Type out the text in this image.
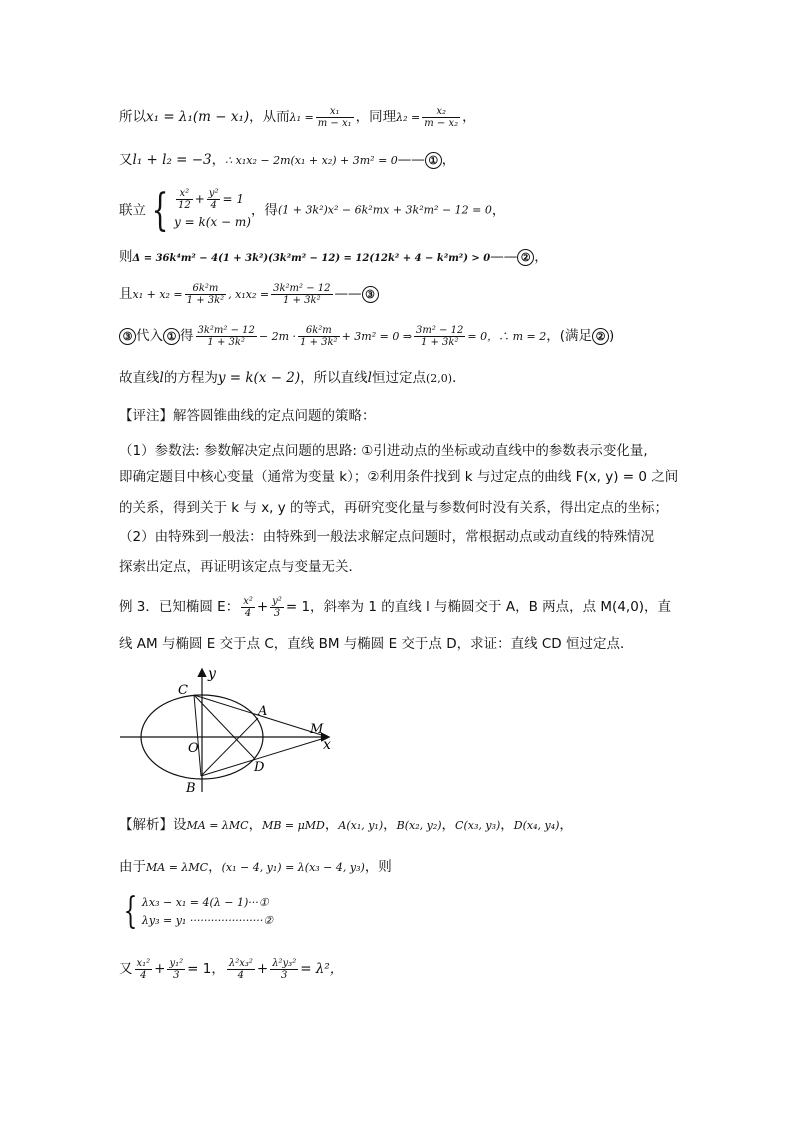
所以x₁ = λ₁(m − x₁)，从而$\lambda_1 = \frac{\text{x₁}}{\text{m − x₁}}$ ，同理$\lambda_2 = \frac{\text{x₂}}{\text{m − x₂}}$ ，
又l₁ + l₂ = −3，∴ x₁x₂ − 2m(x₁ + x₂) + 3m² = 0—— ① ，
联立 { $\frac{\text{x²}}{12} + \frac{\text{y²}}{4} = 1$
y = k(x − m)
，得(1 + 3k²)x² − 6k²mx + 3k²m² − 12 = 0，
则Δ = 36k⁴m² − 4(1 + 3k²)(3k²m² − 12) = 12(12k² + 4 − k²m²) > 0—— ② ，
且$x_1 + x_2 = \frac{\text{6k²m}}{\text{1 + 3k²}}$ , $x_1x_2 = \frac{\text{3k²m² − 12}}{\text{1 + 3k²}}$ —— ③
③ 代入 ① 得 $\frac{\text{3k²m² − 12}}{\text{1 + 3k²}} - 2m \cdot \frac{\text{6k²m}}{\text{1 + 3k²}} + 3m^2 = 0$ ⇒ $\frac{\text{3m² − 12}}{\text{1 + 3k²}} = 0$，∴ m = 2，(满足 ② )
故直线l的方程为y = k(x − 2)，所以直线l恒过定点(2,0)．
【评注】解答圆锥曲线的定点问题的策略：
（1）参数法: 参数解决定点问题的思路: ①引进动点的坐标或动直线中的参数表示变化量,
即确定题目中核心变量（通常为变量 k）；②利用条件找到 k 与过定点的曲线 F(x, y) = 0 之间
的关系，得到关于 k 与 x, y 的等式，再研究变化量与参数何时没有关系，得出定点的坐标；
（2）由特殊到一般法：由特殊到一般法求解定点问题时，常根据动点或动直线的特殊情况
探索出定点，再证明该定点与变量无关．
例 3．已知椭圆 E： $\frac{\text{x²}}{4} + \frac{\text{y²}}{3} = 1$，斜率为 1 的直线 l 与椭圆交于 A，B 两点，点 M(4,0)，直
线 AM 与椭圆 E 交于点 C，直线 BM 与椭圆 E 交于点 D，求证：直线 CD 恒过定点．
y
x
O
A
B
C
D
M
【解析】设MA = λMC，MB = μMD，A(x₁, y₁)，B(x₂, y₂)，C(x₃, y₃)，D(x₄, y₄)，
由于MA = λMC，(x₁ − 4, y₁) = λ(x₃ − 4, y₃)，则
{ λx₃ − x₁ = 4(λ − 1)···①
λy₃ = y₁ ·····················②
又 $\frac{\text{x₁²}}{4} + \frac{\text{y₁²}}{3} = 1$， $\frac{\text{λ²x₃²}}{4} + \frac{\text{λ²y₃²}}{3} = \lambda^2$，
